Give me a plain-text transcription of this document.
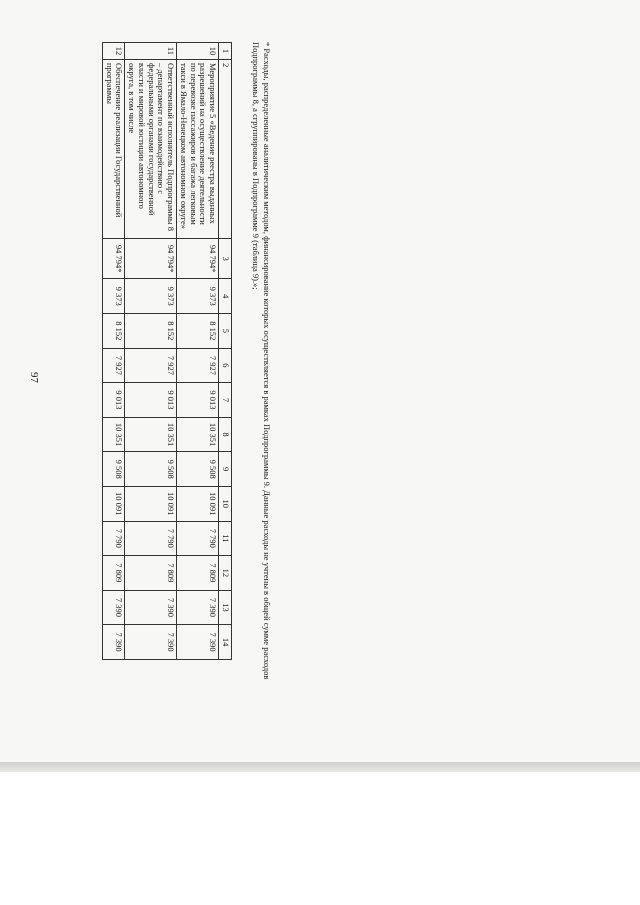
97
1	2	3	4	5	6	7	8	9	10	11	12	13	14
10	Мероприятие 5 «Ведение реестра выданных разрешений на осуществление деятельности по перевозке пассажиров и багажа легковым такси в Ямало-Ненецком автономном округе»	94 794*	9 373	8 152	7 927	9 013	10 351	9 508	10 091	7 790	7 809	7 390	7 390
11	Ответственный исполнитель Подпрограммы 8 – департамент по взаимодействию с федеральными органами государственной власти и мировой юстиции автономного округа, в том числе	94 794*	9 373	8 152	7 927	9 013	10 351	9 508	10 091	7 790	7 809	7 390	7 390
12	Обеспечение реализации Государственной программы	94 794*	9 373	8 152	7 927	9 013	10 351	9 508	10 091	7 790	7 809	7 390	7 390	* Расходы, распределенные аналитическим методом, финансирование которых осуществляется в рамках Подпрограммы 9. Данные расходы не учтены в общей сумме расходов Подпрограммы 8, а сгруппированы в Подпрограмме 9 (таблица 9).»;
